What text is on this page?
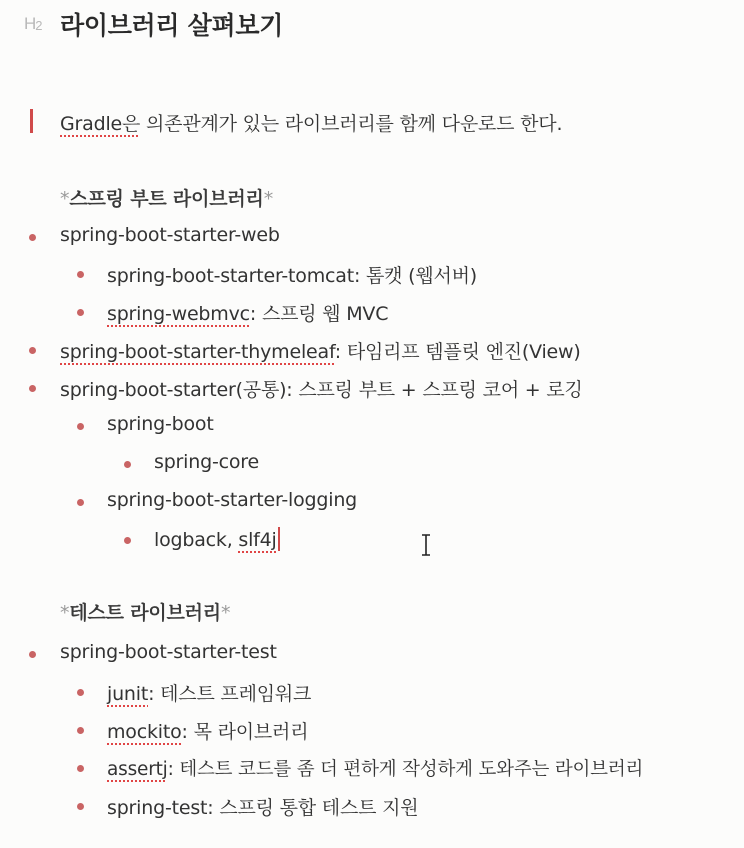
$H_2$ 라이브러리 살펴보기
Gradle은 의존관계가 있는 라이브러리를 함께 다운로드 한다.
*스프링 부트 라이브러리*
spring-boot-starter-web
spring-boot-starter-tomcat: 톰캣 (웹서버)
spring-webmvc: 스프링 웹 MVC
spring-boot-starter-thymeleaf: 타임리프 템플릿 엔진(View)
spring-boot-starter(공통): 스프링 부트 + 스프링 코어 + 로깅
spring-boot
spring-core
spring-boot-starter-logging
logback, slf4j
*테스트 라이브러리*
spring-boot-starter-test
junit: 테스트 프레임워크
mockito: 목 라이브러리
assertj: 테스트 코드를 좀 더 편하게 작성하게 도와주는 라이브러리
spring-test: 스프링 통합 테스트 지원
